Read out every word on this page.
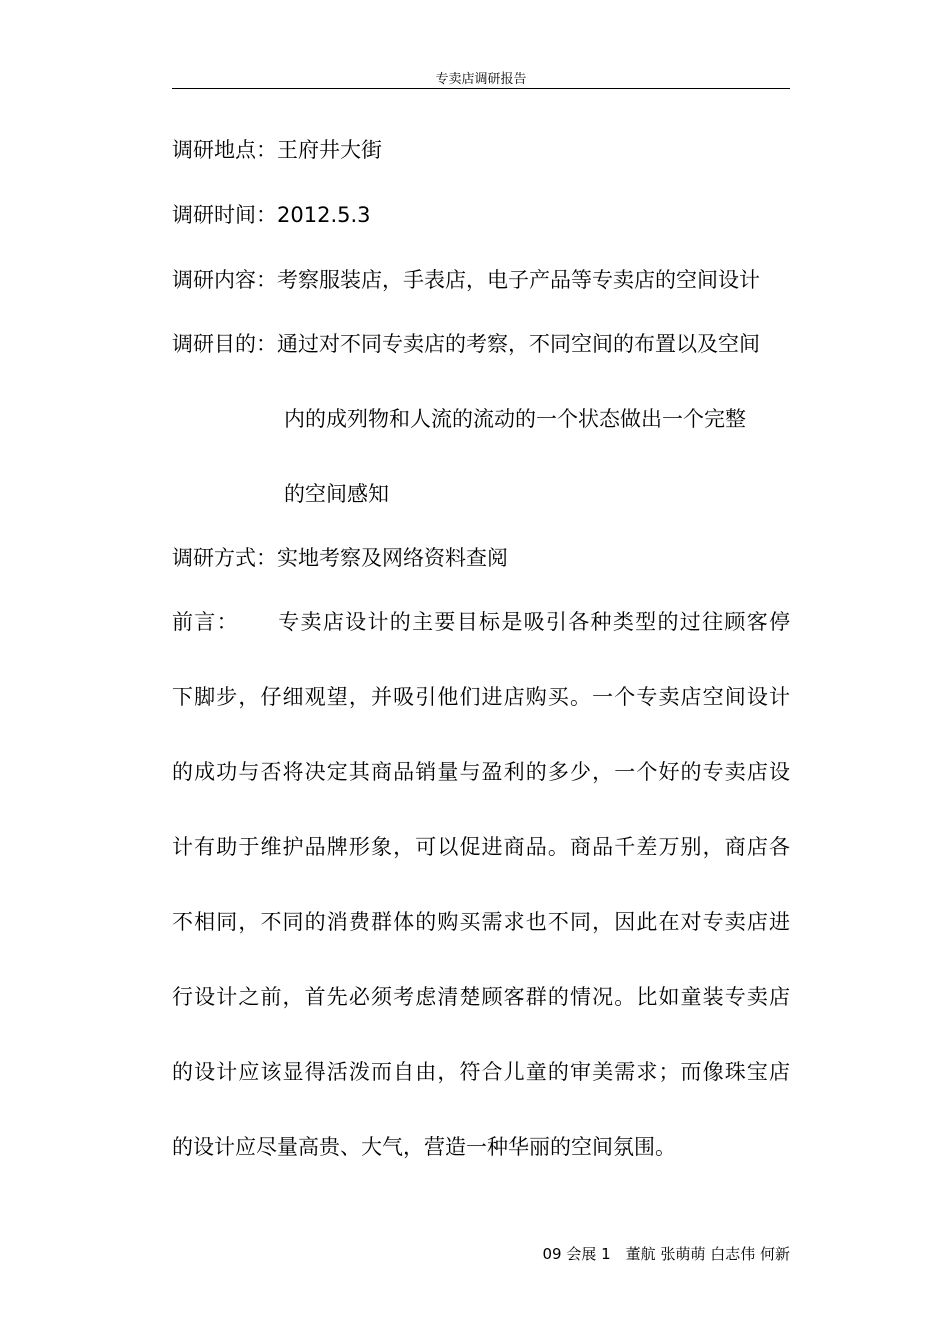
专卖店调研报告
调研地点：王府井大街
调研时间：2012.5.3
调研内容：考察服装店，手表店，电子产品等专卖店的空间设计
调研目的：通过对不同专卖店的考察，不同空间的布置以及空间
内的成列物和人流的流动的一个状态做出一个完整
的空间感知
调研方式：实地考察及网络资料查阅
前言： 专卖店设计的主要目标是吸引各种类型的过往顾客停
下脚步，仔细观望，并吸引他们进店购买。一个专卖店空间设计
的成功与否将决定其商品销量与盈利的多少，一个好的专卖店设
计有助于维护品牌形象，可以促进商品。商品千差万别，商店各
不相同，不同的消费群体的购买需求也不同，因此在对专卖店进
行设计之前，首先必须考虑清楚顾客群的情况。比如童装专卖店
的设计应该显得活泼而自由，符合儿童的审美需求；而像珠宝店
的设计应尽量高贵、大气，营造一种华丽的空间氛围。
09 会展 1　董航 张萌萌 白志伟 何新
